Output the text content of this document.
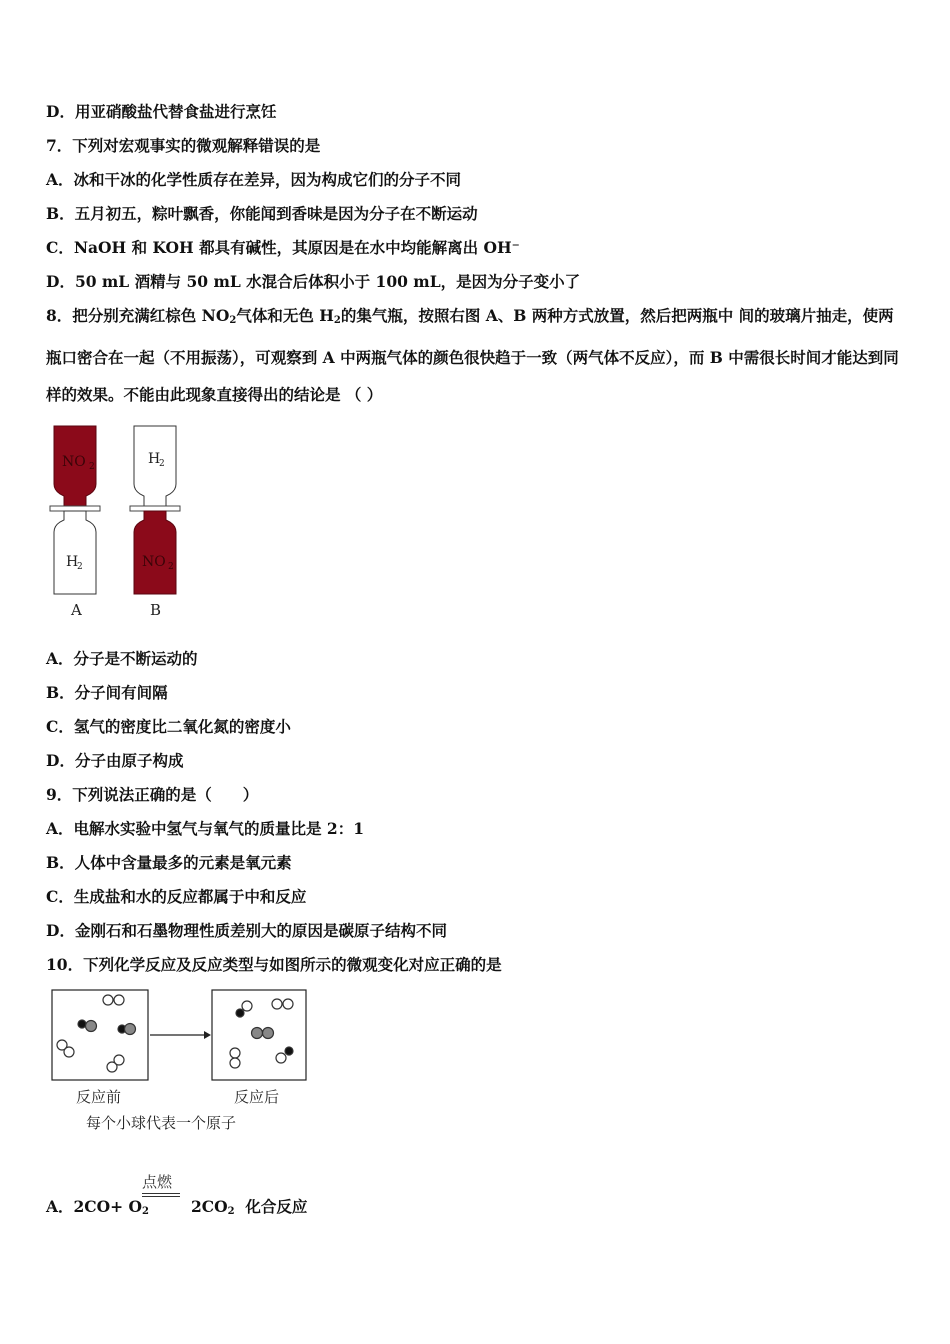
D．用亚硝酸盐代替食盐进行烹饪
7．下列对宏观事实的微观解释错误的是
A．冰和干冰的化学性质存在差异，因为构成它们的分子不同
B．五月初五，粽叶飘香，你能闻到香味是因为分子在不断运动
C．NaOH 和 KOH 都具有碱性，其原因是在水中均能解离出 OH⁻
D．50 mL 酒精与 50 mL 水混合后体积小于 100 mL，是因为分子变小了
8．把分别充满红棕色 $NO_2$气体和无色 $H_2$的集气瓶，按照右图 A、B 两种方式放置，然后把两瓶中 间的玻璃片抽走，使两瓶口密合在一起（不用振荡），可观察到 A 中两瓶气体的颜色很快趋于一致（两气体不反应），而 B 中需很长时间才能达到同样的效果。不能由此现象直接得出的结论是 （ ）
NO 2
H
2
H
2
NO 2
A	B
A．分子是不断运动的
B．分子间有间隔
C．氢气的密度比二氧化氮的密度小
D．分子由原子构成
9．下列说法正确的是（　　）
A．电解水实验中氢气与氧气的质量比是 2：1
B．人体中含量最多的元素是氧元素
C．生成盐和水的反应都属于中和反应
D．金刚石和石墨物理性质差别大的原因是碳原子结构不同
10．下列化学反应及反应类型与如图所示的微观变化对应正确的是
反应前	反应后
每个小球代表一个原子
点燃
A．$2CO+ O_2$	$2CO_2$  化合反应
